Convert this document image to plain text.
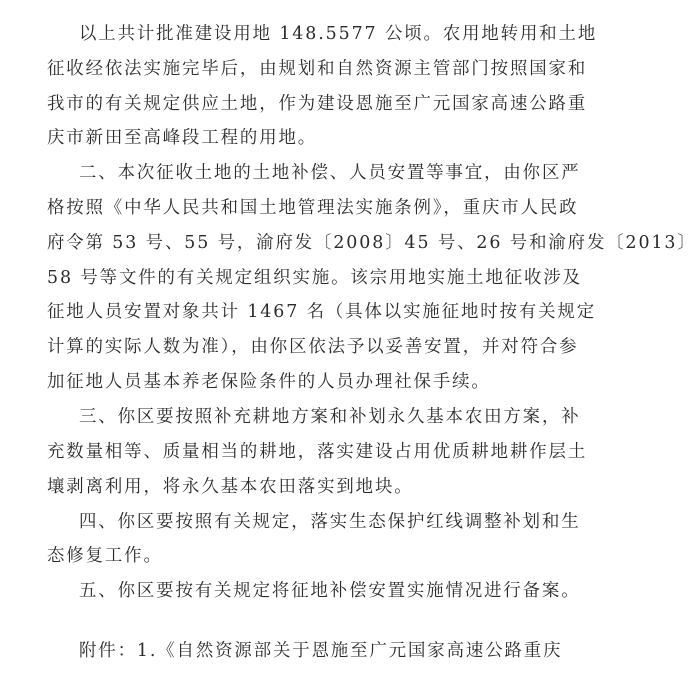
以上共计批准建设用地 148.5577 公顷。农用地转用和土地
征收经依法实施完毕后，由规划和自然资源主管部门按照国家和
我市的有关规定供应土地，作为建设恩施至广元国家高速公路重
庆市新田至高峰段工程的用地。
二、本次征收土地的土地补偿、人员安置等事宜，由你区严
格按照《中华人民共和国土地管理法实施条例》，重庆市人民政
府令第 53 号、55 号，渝府发〔2008〕45 号、26 号和渝府发〔2013〕
58 号等文件的有关规定组织实施。该宗用地实施土地征收涉及
征地人员安置对象共计 1467 名（具体以实施征地时按有关规定
计算的实际人数为准），由你区依法予以妥善安置，并对符合参
加征地人员基本养老保险条件的人员办理社保手续。
三、你区要按照补充耕地方案和补划永久基本农田方案，补
充数量相等、质量相当的耕地，落实建设占用优质耕地耕作层土
壤剥离利用，将永久基本农田落实到地块。
四、你区要按照有关规定，落实生态保护红线调整补划和生
态修复工作。
五、你区要按有关规定将征地补偿安置实施情况进行备案。
附件：1.《自然资源部关于恩施至广元国家高速公路重庆
